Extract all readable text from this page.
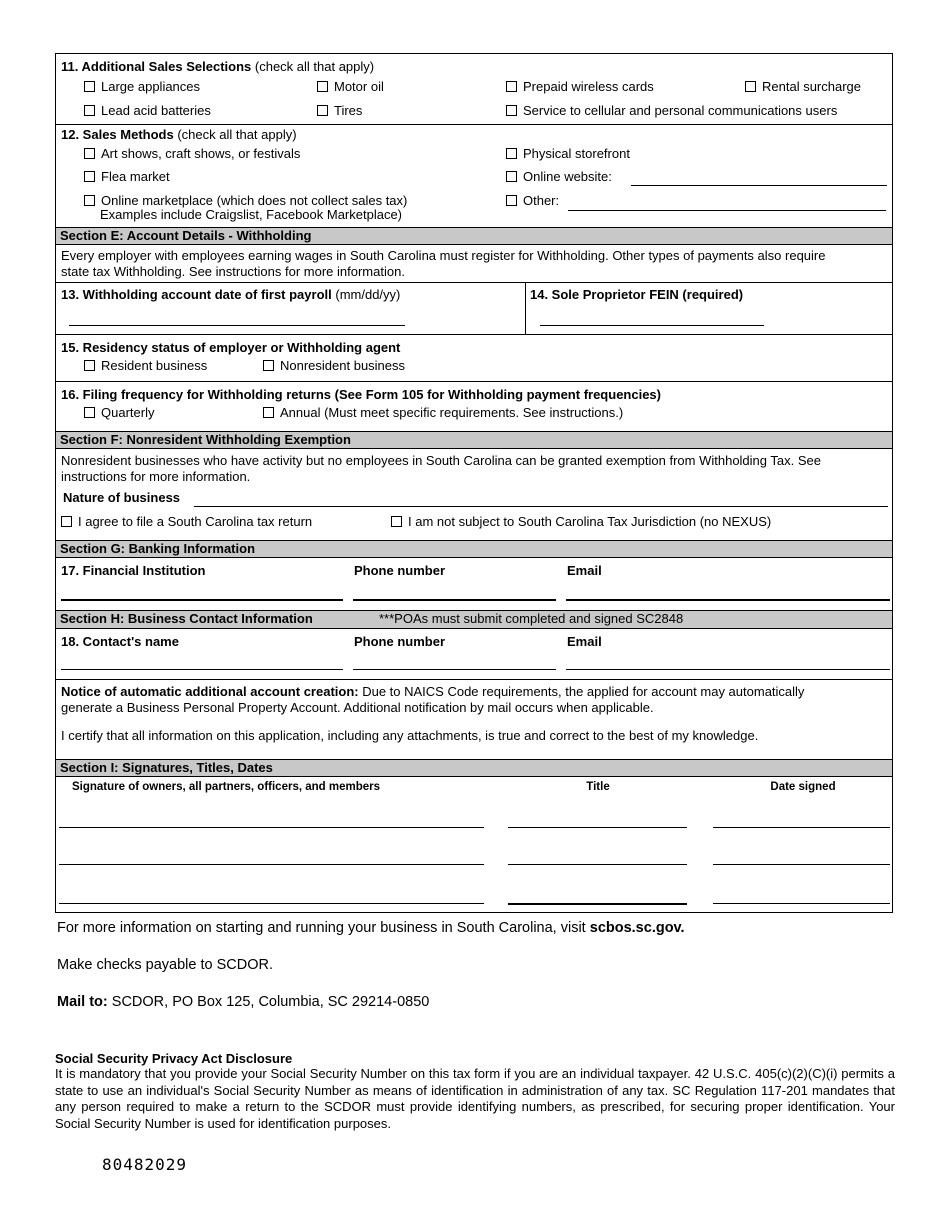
11. Additional Sales Selections (check all that apply)
Large appliances	Motor oil	Prepaid wireless cards	Rental surcharge
Lead acid batteries	Tires	Service to cellular and personal communications users
12. Sales Methods (check all that apply)
Art shows, craft shows, or festivals
Flea market
Online marketplace (which does not collect sales tax)
Examples include Craigslist, Facebook Marketplace)
Physical storefront
Online website:
Other:
Section E: Account Details - Withholding
Every employer with employees earning wages in South Carolina must register for Withholding. Other types of payments also require
state tax Withholding. See instructions for more information.
13. Withholding account date of first payroll (mm/dd/yy)	14. Sole Proprietor FEIN (required)
15. Residency status of employer or Withholding agent
Resident business	Nonresident business
16. Filing frequency for Withholding returns (See Form 105 for Withholding payment frequencies)
Quarterly	Annual (Must meet specific requirements. See instructions.)
Section F: Nonresident Withholding Exemption
Nonresident businesses who have activity but no employees in South Carolina can be granted exemption from Withholding Tax. See
instructions for more information.
Nature of business
I agree to file a South Carolina tax return	I am not subject to South Carolina Tax Jurisdiction (no NEXUS)
Section G: Banking Information
17. Financial Institution	Phone number	Email
Section H: Business Contact Information	***POAs must submit completed and signed SC2848
18. Contact's name	Phone number	Email
Notice of automatic additional account creation: Due to NAICS Code requirements, the applied for account may automatically
generate a Business Personal Property Account. Additional notification by mail occurs when applicable.
I certify that all information on this application, including any attachments, is true and correct to the best of my knowledge.
Section I: Signatures, Titles, Dates
Signature of owners, all partners, officers, and members	Title	Date signed
For more information on starting and running your business in South Carolina, visit scbos.sc.gov.
Make checks payable to SCDOR.
Mail to: SCDOR, PO Box 125, Columbia, SC 29214-0850
Social Security Privacy Act Disclosure
It is mandatory that you provide your Social Security Number on this tax form if you are an individual taxpayer. 42 U.S.C. 405(c)(2)(C)(i) permits a state to use an individual's Social Security Number as means of identification in administration of any tax. SC Regulation 117-201 mandates that any person required to make a return to the SCDOR must provide identifying numbers, as prescribed, for securing proper identification. Your Social Security Number is used for identification purposes.
80482029
